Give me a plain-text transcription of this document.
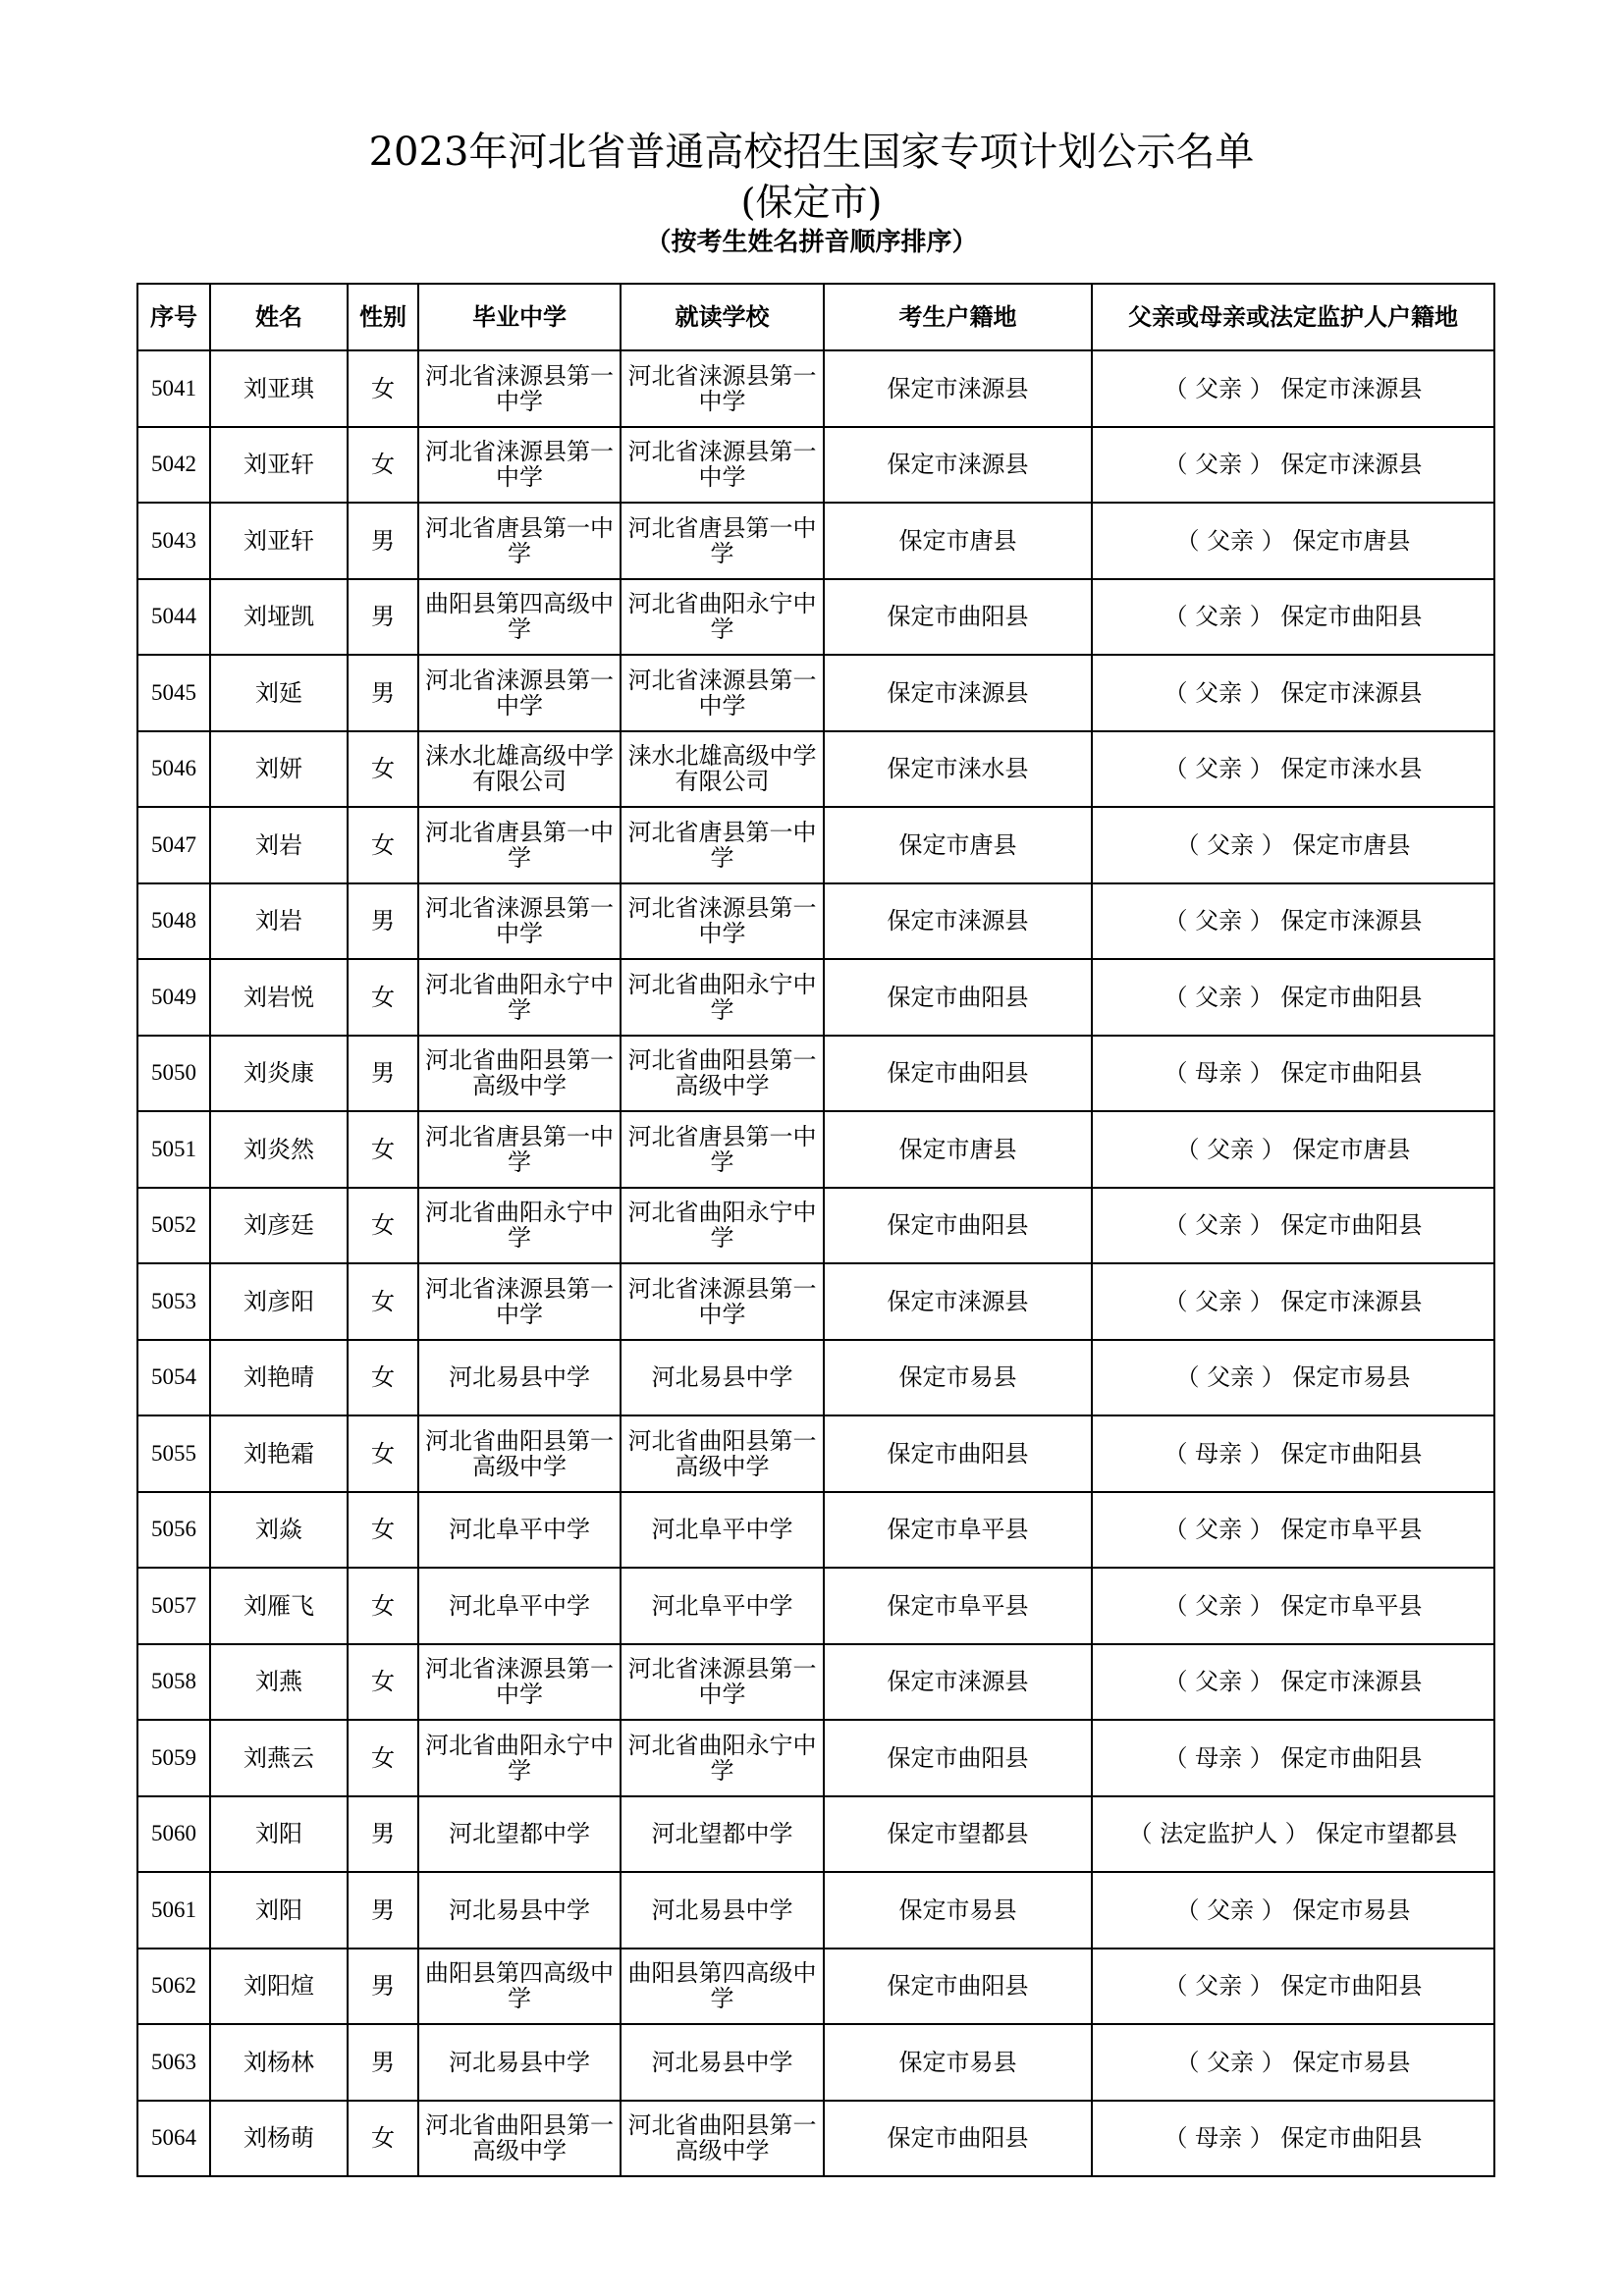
2023年河北省普通高校招生国家专项计划公示名单
(保定市)
（按考生姓名拼音顺序排序）
序号	姓名	性别	毕业中学	就读学校	考生户籍地	父亲或母亲或法定监护人户籍地
5041	刘亚琪	女	河北省涞源县第一中学	河北省涞源县第一中学	保定市涞源县	（ 父亲 ） 保定市涞源县
5042	刘亚轩	女	河北省涞源县第一中学	河北省涞源县第一中学	保定市涞源县	（ 父亲 ） 保定市涞源县
5043	刘亚轩	男	河北省唐县第一中学	河北省唐县第一中学	保定市唐县	（ 父亲 ） 保定市唐县
5044	刘垭凯	男	曲阳县第四高级中学	河北省曲阳永宁中学	保定市曲阳县	（ 父亲 ） 保定市曲阳县
5045	刘延	男	河北省涞源县第一中学	河北省涞源县第一中学	保定市涞源县	（ 父亲 ） 保定市涞源县
5046	刘妍	女	涞水北雄高级中学有限公司	涞水北雄高级中学有限公司	保定市涞水县	（ 父亲 ） 保定市涞水县
5047	刘岩	女	河北省唐县第一中学	河北省唐县第一中学	保定市唐县	（ 父亲 ） 保定市唐县
5048	刘岩	男	河北省涞源县第一中学	河北省涞源县第一中学	保定市涞源县	（ 父亲 ） 保定市涞源县
5049	刘岩悦	女	河北省曲阳永宁中学	河北省曲阳永宁中学	保定市曲阳县	（ 父亲 ） 保定市曲阳县
5050	刘炎康	男	河北省曲阳县第一高级中学	河北省曲阳县第一高级中学	保定市曲阳县	（ 母亲 ） 保定市曲阳县
5051	刘炎然	女	河北省唐县第一中学	河北省唐县第一中学	保定市唐县	（ 父亲 ） 保定市唐县
5052	刘彦廷	女	河北省曲阳永宁中学	河北省曲阳永宁中学	保定市曲阳县	（ 父亲 ） 保定市曲阳县
5053	刘彦阳	女	河北省涞源县第一中学	河北省涞源县第一中学	保定市涞源县	（ 父亲 ） 保定市涞源县
5054	刘艳晴	女	河北易县中学	河北易县中学	保定市易县	（ 父亲 ） 保定市易县
5055	刘艳霜	女	河北省曲阳县第一高级中学	河北省曲阳县第一高级中学	保定市曲阳县	（ 母亲 ） 保定市曲阳县
5056	刘焱	女	河北阜平中学	河北阜平中学	保定市阜平县	（ 父亲 ） 保定市阜平县
5057	刘雁飞	女	河北阜平中学	河北阜平中学	保定市阜平县	（ 父亲 ） 保定市阜平县
5058	刘燕	女	河北省涞源县第一中学	河北省涞源县第一中学	保定市涞源县	（ 父亲 ） 保定市涞源县
5059	刘燕云	女	河北省曲阳永宁中学	河北省曲阳永宁中学	保定市曲阳县	（ 母亲 ） 保定市曲阳县
5060	刘阳	男	河北望都中学	河北望都中学	保定市望都县	（ 法定监护人 ） 保定市望都县
5061	刘阳	男	河北易县中学	河北易县中学	保定市易县	（ 父亲 ） 保定市易县
5062	刘阳煊	男	曲阳县第四高级中学	曲阳县第四高级中学	保定市曲阳县	（ 父亲 ） 保定市曲阳县
5063	刘杨林	男	河北易县中学	河北易县中学	保定市易县	（ 父亲 ） 保定市易县
5064	刘杨萌	女	河北省曲阳县第一高级中学	河北省曲阳县第一高级中学	保定市曲阳县	（ 母亲 ） 保定市曲阳县
